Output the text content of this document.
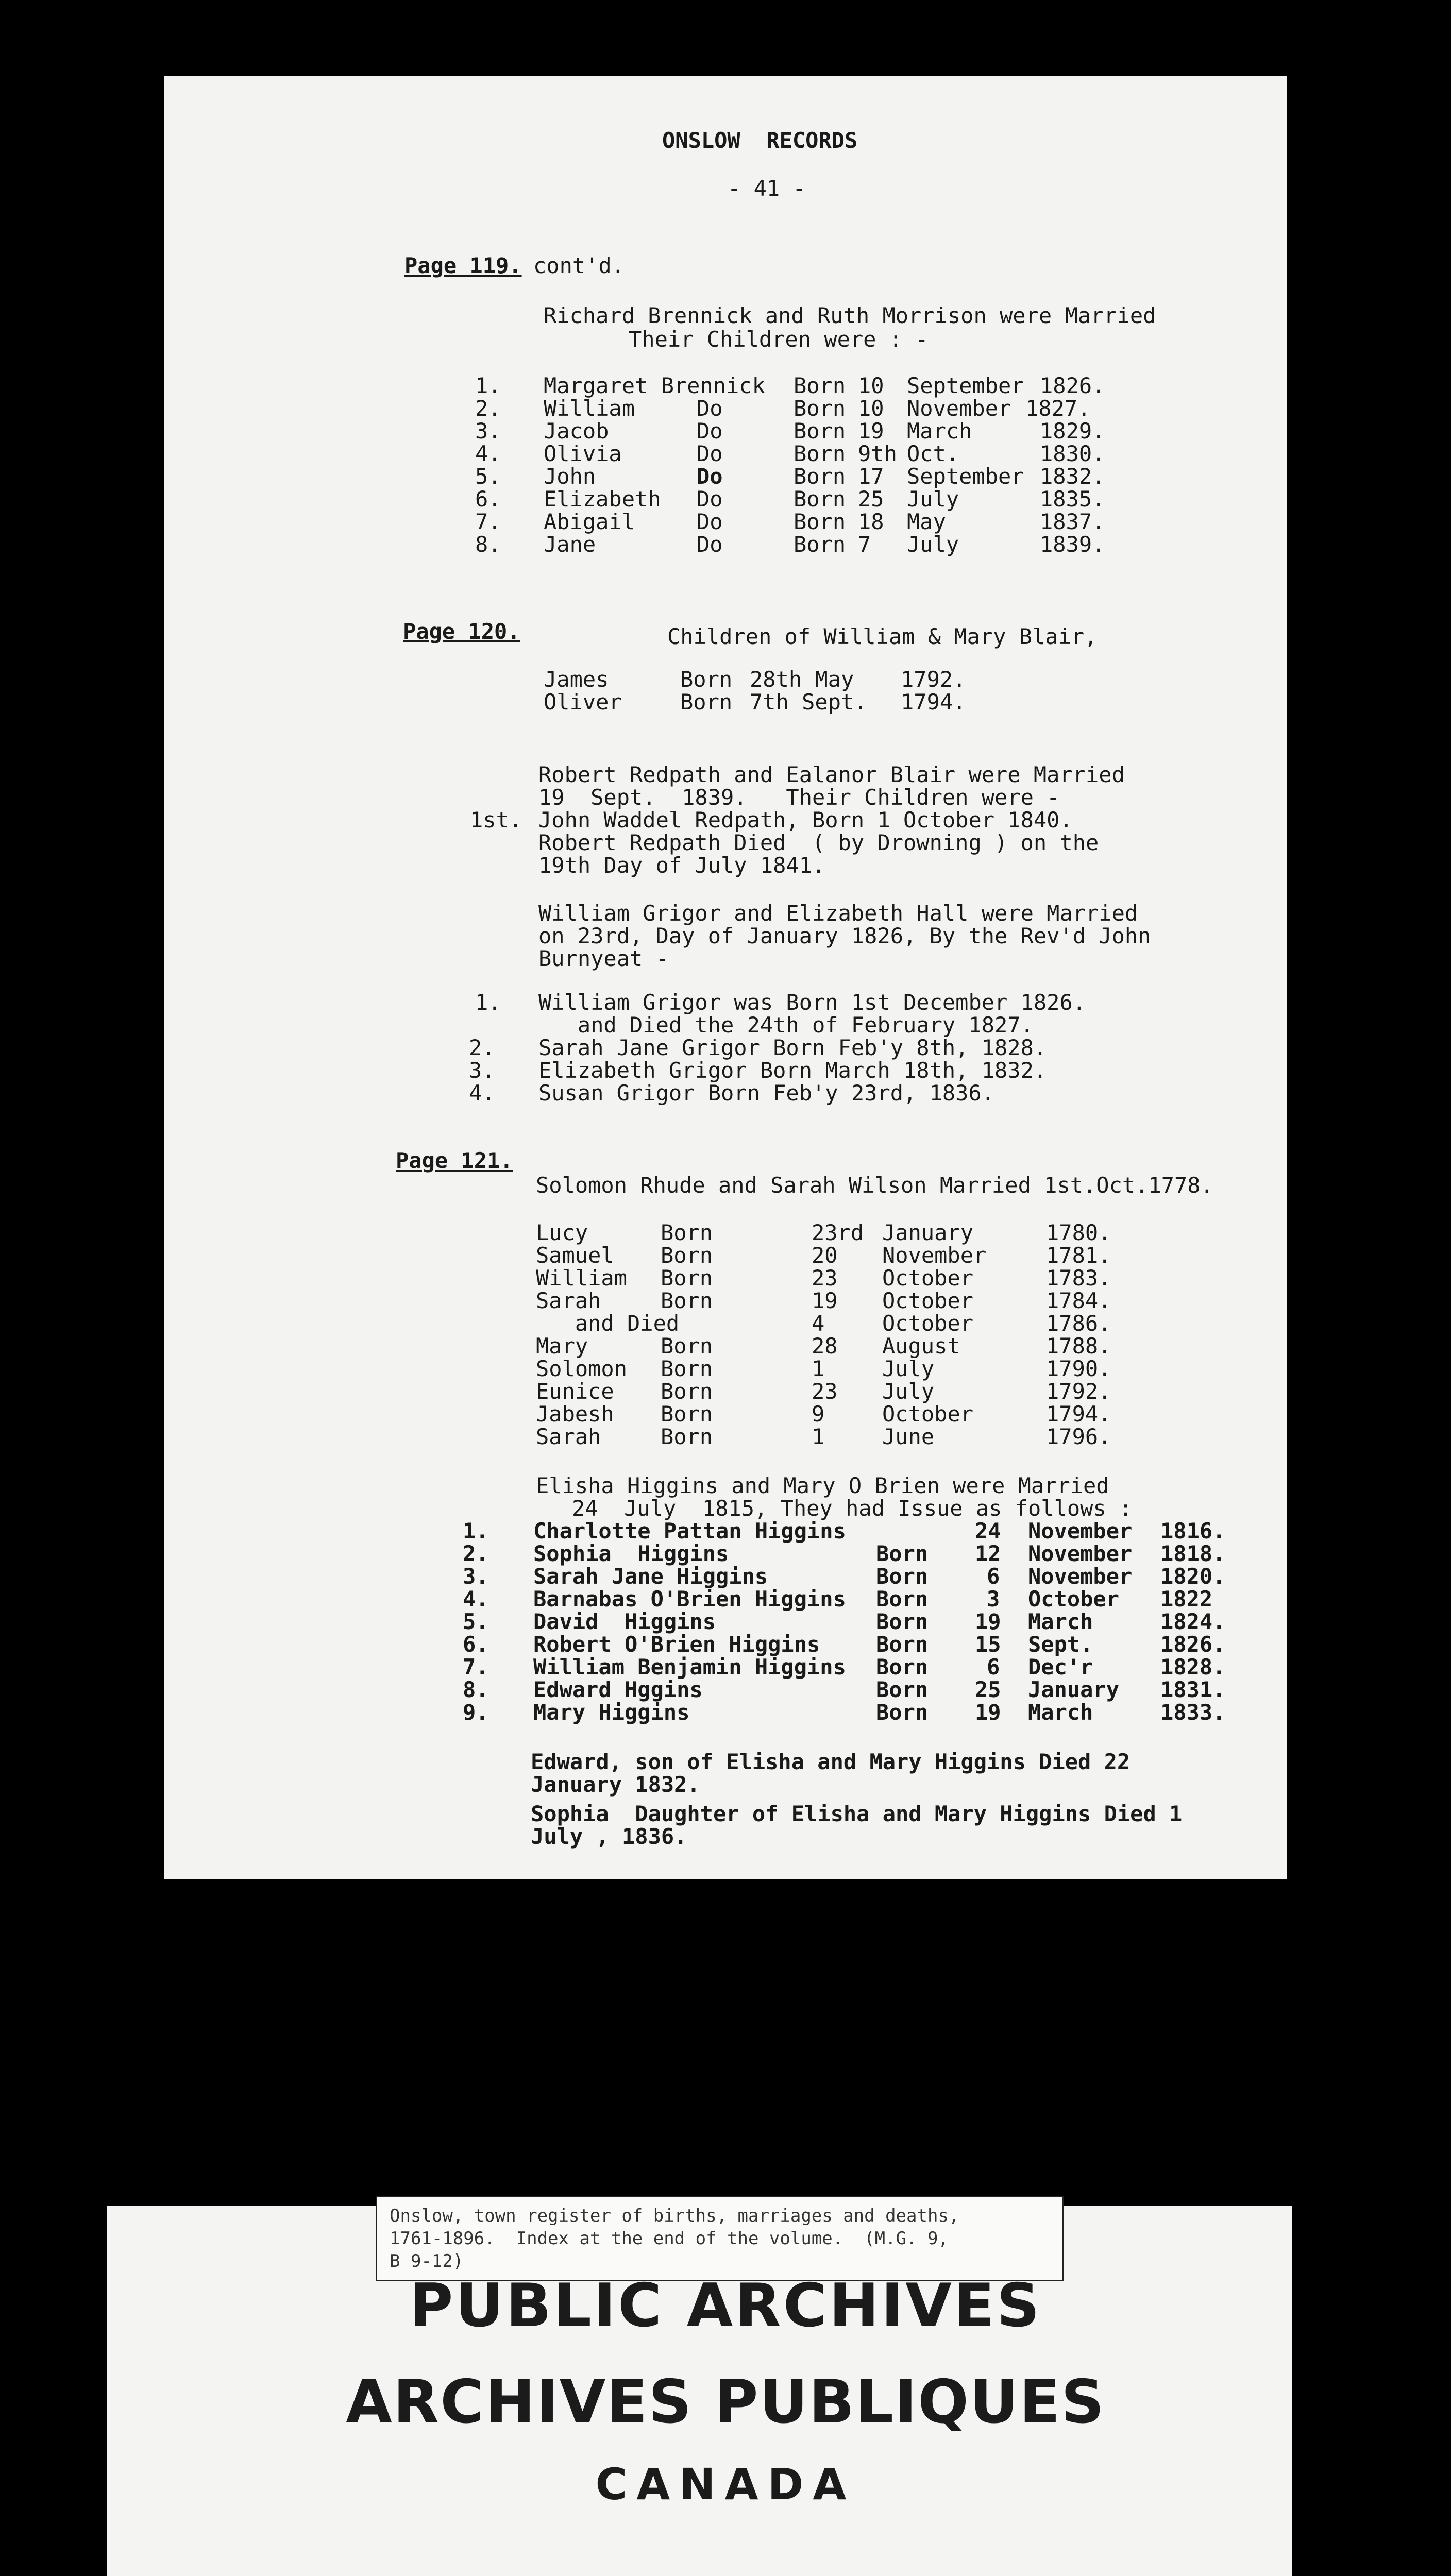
ONSLOW  RECORDS
- 41 -
Page 119. cont'd.
Richard Brennick and Ruth Morrison were Married
Their Children were : -
1. Margaret Brennick Born 10 September 1826.
2. William	Do	Born 10 November 1827.
3. Jacob	Do	Born 19 March	1829.
4. Olivia	Do	Born 9th Oct.	1830.
5. John	Do	Born 17 September 1832.
6. Elizabeth Do	Born 25 July	1835.
7. Abigail	Do	Born 18 May	1837.
8. Jane	Do	Born 7 July	1839.
Page 120.	Children of William & Mary Blair,
James	Born 28th May 1792.
Oliver	Born 7th Sept. 1794.
Robert Redpath and Ealanor Blair were Married
19  Sept.  1839.   Their Children were -
1st. John Waddel Redpath, Born 1 October 1840.
Robert Redpath Died  ( by Drowning ) on the
19th Day of July 1841.
William Grigor and Elizabeth Hall were Married
on 23rd, Day of January 1826, By the Rev'd John
Burnyeat -
1. William Grigor was Born 1st December 1826.
and Died the 24th of February 1827.
2. Sarah Jane Grigor Born Feb'y 8th, 1828.
3. Elizabeth Grigor Born March 18th, 1832.
4. Susan Grigor Born Feb'y 23rd, 1836.
Page 121.
Solomon Rhude and Sarah Wilson Married 1st.Oct.1778.
Lucy	Born	23rd January	1780.
Samuel Born	20 November	1781.
William Born	23 October	1783.
Sarah	Born	19 October	1784.
and Died	4	October	1786.
Mary	Born	28 August	1788.
Solomon Born	1	July	1790.
Eunice Born	23 July	1792.
Jabesh Born	9	October	1794.
Sarah	Born	1	June	1796.
Elisha Higgins and Mary O Brien were Married
24  July  1815, They had Issue as follows :
1. Charlotte Pattan Higgins	24 November 1816.
2. Sophia  Higgins	Born 12 November 1818.
3. Sarah Jane Higgins	Born	6 November 1820.
4. Barnabas O'Brien Higgins Born	3 October 1822
5. David  Higgins	Born 19 March	1824.
6. Robert O'Brien Higgins	Born 15 Sept.	1826.
7. William Benjamin Higgins Born	6 Dec'r	1828.
8. Edward Hggins	Born 25 January 1831.
9. Mary Higgins	Born 19 March	1833.
Edward, son of Elisha and Mary Higgins Died 22
January 1832.
Sophia  Daughter of Elisha and Mary Higgins Died 1
July , 1836.
Onslow, town register of births, marriages and deaths,
1761-1896.  Index at the end of the volume.  (M.G. 9,
B 9-12)
PUBLIC ARCHIVES
ARCHIVES PUBLIQUES
CANADA
